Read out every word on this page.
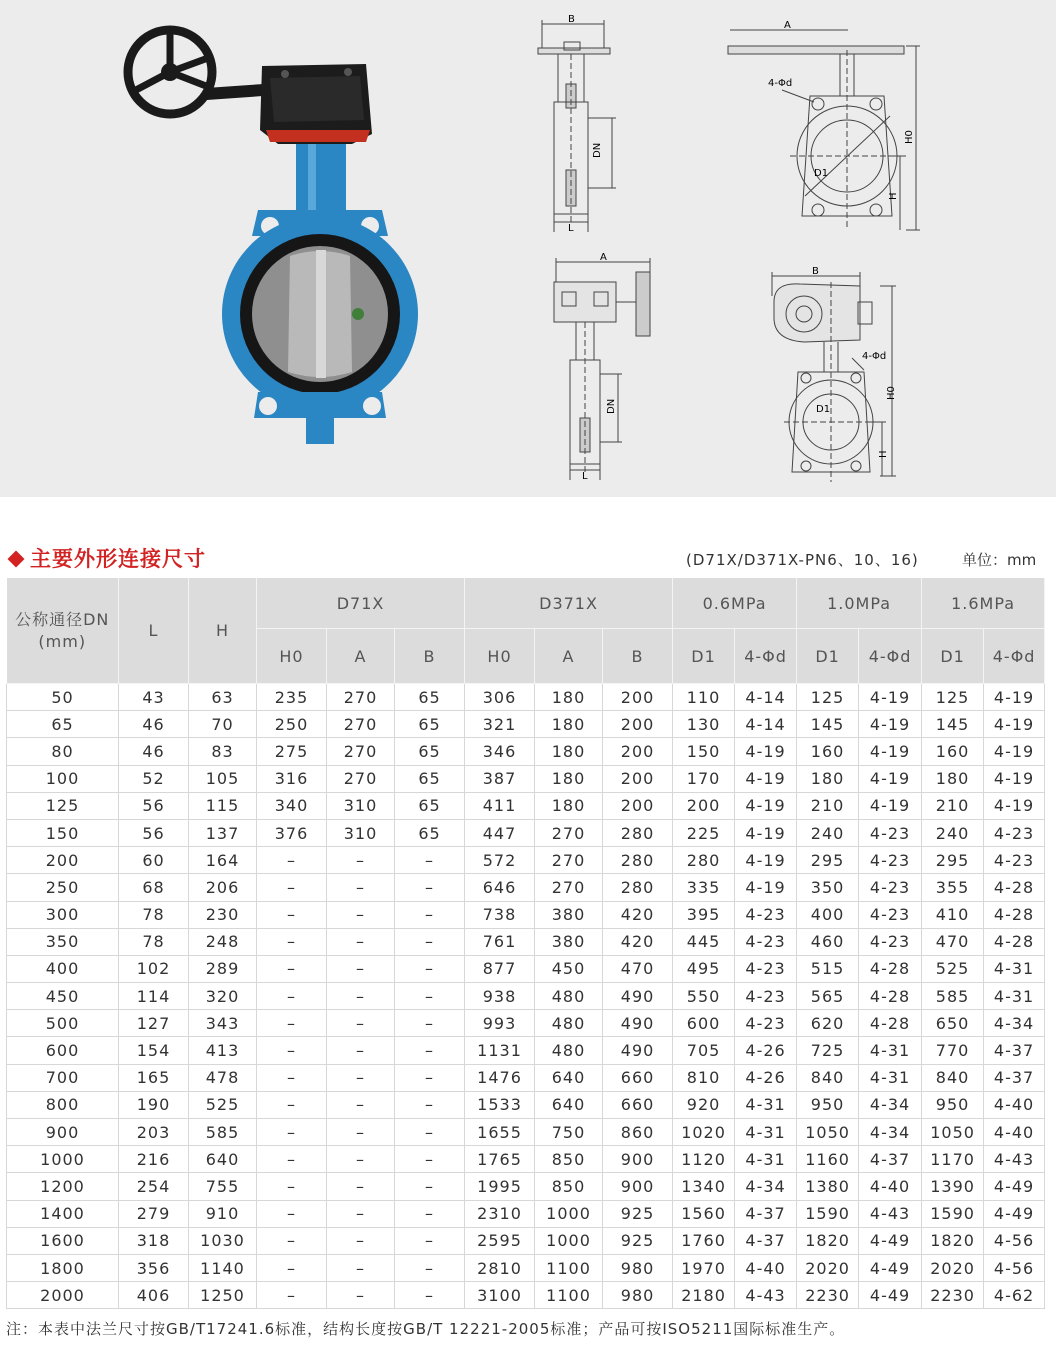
B
DN
L
A
4-Φd
H0
H
D1
A
DN
L
B
4-Φd
H0
H
D1
主要外形连接尺寸	(D71X/D371X-PN6、10、16)	单位：mm
公称通径DN
(mm)	L	H	D71X			D371X			0.6MPa		1.0MPa		1.6MPa	
			H0	A	B	H0	A	B	D1	4-Φd	D1	4-Φd	D1	4-Φd
50	43	63	235	270	65	306	180	200	110	4-14	125	4-19	125	4-19
65	46	70	250	270	65	321	180	200	130	4-14	145	4-19	145	4-19
80	46	83	275	270	65	346	180	200	150	4-19	160	4-19	160	4-19
100	52	105	316	270	65	387	180	200	170	4-19	180	4-19	180	4-19
125	56	115	340	310	65	411	180	200	200	4-19	210	4-19	210	4-19
150	56	137	376	310	65	447	270	280	225	4-19	240	4-23	240	4-23
200	60	164	–	–	–	572	270	280	280	4-19	295	4-23	295	4-23
250	68	206	–	–	–	646	270	280	335	4-19	350	4-23	355	4-28
300	78	230	–	–	–	738	380	420	395	4-23	400	4-23	410	4-28
350	78	248	–	–	–	761	380	420	445	4-23	460	4-23	470	4-28
400	102	289	–	–	–	877	450	470	495	4-23	515	4-28	525	4-31
450	114	320	–	–	–	938	480	490	550	4-23	565	4-28	585	4-31
500	127	343	–	–	–	993	480	490	600	4-23	620	4-28	650	4-34
600	154	413	–	–	–	1131	480	490	705	4-26	725	4-31	770	4-37
700	165	478	–	–	–	1476	640	660	810	4-26	840	4-31	840	4-37
800	190	525	–	–	–	1533	640	660	920	4-31	950	4-34	950	4-40
900	203	585	–	–	–	1655	750	860	1020	4-31	1050	4-34	1050	4-40
1000	216	640	–	–	–	1765	850	900	1120	4-31	1160	4-37	1170	4-43
1200	254	755	–	–	–	1995	850	900	1340	4-34	1380	4-40	1390	4-49
1400	279	910	–	–	–	2310	1000	925	1560	4-37	1590	4-43	1590	4-49
1600	318	1030	–	–	–	2595	1000	925	1760	4-37	1820	4-49	1820	4-56
1800	356	1140	–	–	–	2810	1100	980	1970	4-40	2020	4-49	2020	4-56
2000	406	1250	–	–	–	3100	1100	980	2180	4-43	2230	4-49	2230	4-62
注：本表中法兰尺寸按GB/T17241.6标准，结构长度按GB/T 12221-2005标准；产品可按ISO5211国际标准生产。
